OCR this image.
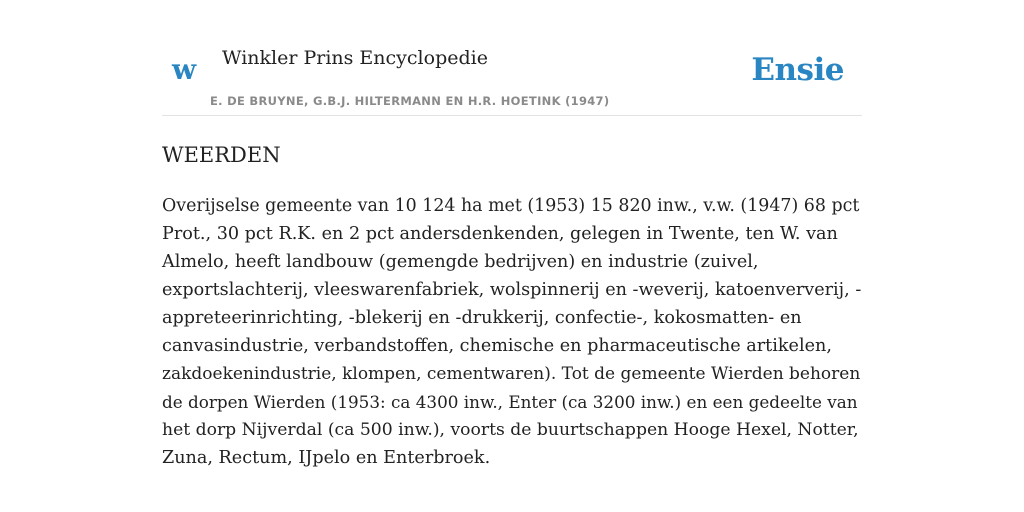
w Winkler Prins Encyclopedie
E. DE BRUYNE, G.B.J. HILTERMANN EN H.R. HOETINK (1947)
Ensie
WEERDEN

Overijselse gemeente van 10 124 ha met (1953) 15 820 inw., v.w. (1947) 68 pct
Prot., 30 pct R.K. en 2 pct andersdenkenden, gelegen in Twente, ten W. van
Almelo, heeft landbouw (gemengde bedrijven) en industrie (zuivel,
exportslachterij, vleeswarenfabriek, wolspinnerij en -weverij, katoenververij, -
appreteerinrichting, -blekerij en -drukkerij, confectie-, kokosmatten- en
canvasindustrie, verbandstoffen, chemische en pharmaceutische artikelen,
zakdoekenindustrie, klompen, cementwaren). Tot de gemeente Wierden behoren
de dorpen Wierden (1953: ca 4300 inw., Enter (ca 3200 inw.) en een gedeelte van
het dorp Nijverdal (ca 500 inw.), voorts de buurtschappen Hooge Hexel, Notter,
Zuna, Rectum, IJpelo en Enterbroek.
